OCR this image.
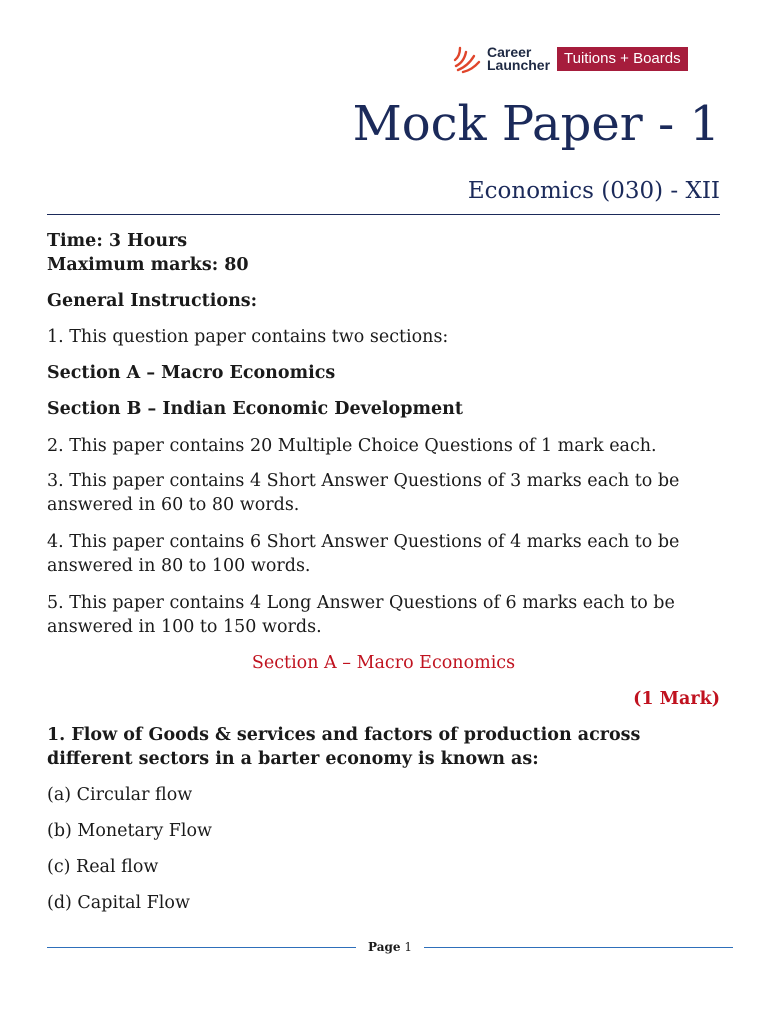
Career
Launcher Tuitions + Boards
Mock Paper - 1
Economics (030) - XII

Time: 3 Hours

Maximum marks: 80

General Instructions:

1. This question paper contains two sections:

Section A – Macro Economics

Section B – Indian Economic Development

2. This paper contains 20 Multiple Choice Questions of 1 mark each.

3. This paper contains 4 Short Answer Questions of 3 marks each to be answered in 60 to 80 words.

4. This paper contains 6 Short Answer Questions of 4 marks each to be answered in 80 to 100 words.

5. This paper contains 4 Long Answer Questions of 6 marks each to be answered in 100 to 150 words.

Section A – Macro Economics

(1 Mark)

1. Flow of Goods & services and factors of production across different sectors in a barter economy is known as:

(a) Circular flow

(b) Monetary Flow

(c) Real flow

(d) Capital Flow

Page 1
